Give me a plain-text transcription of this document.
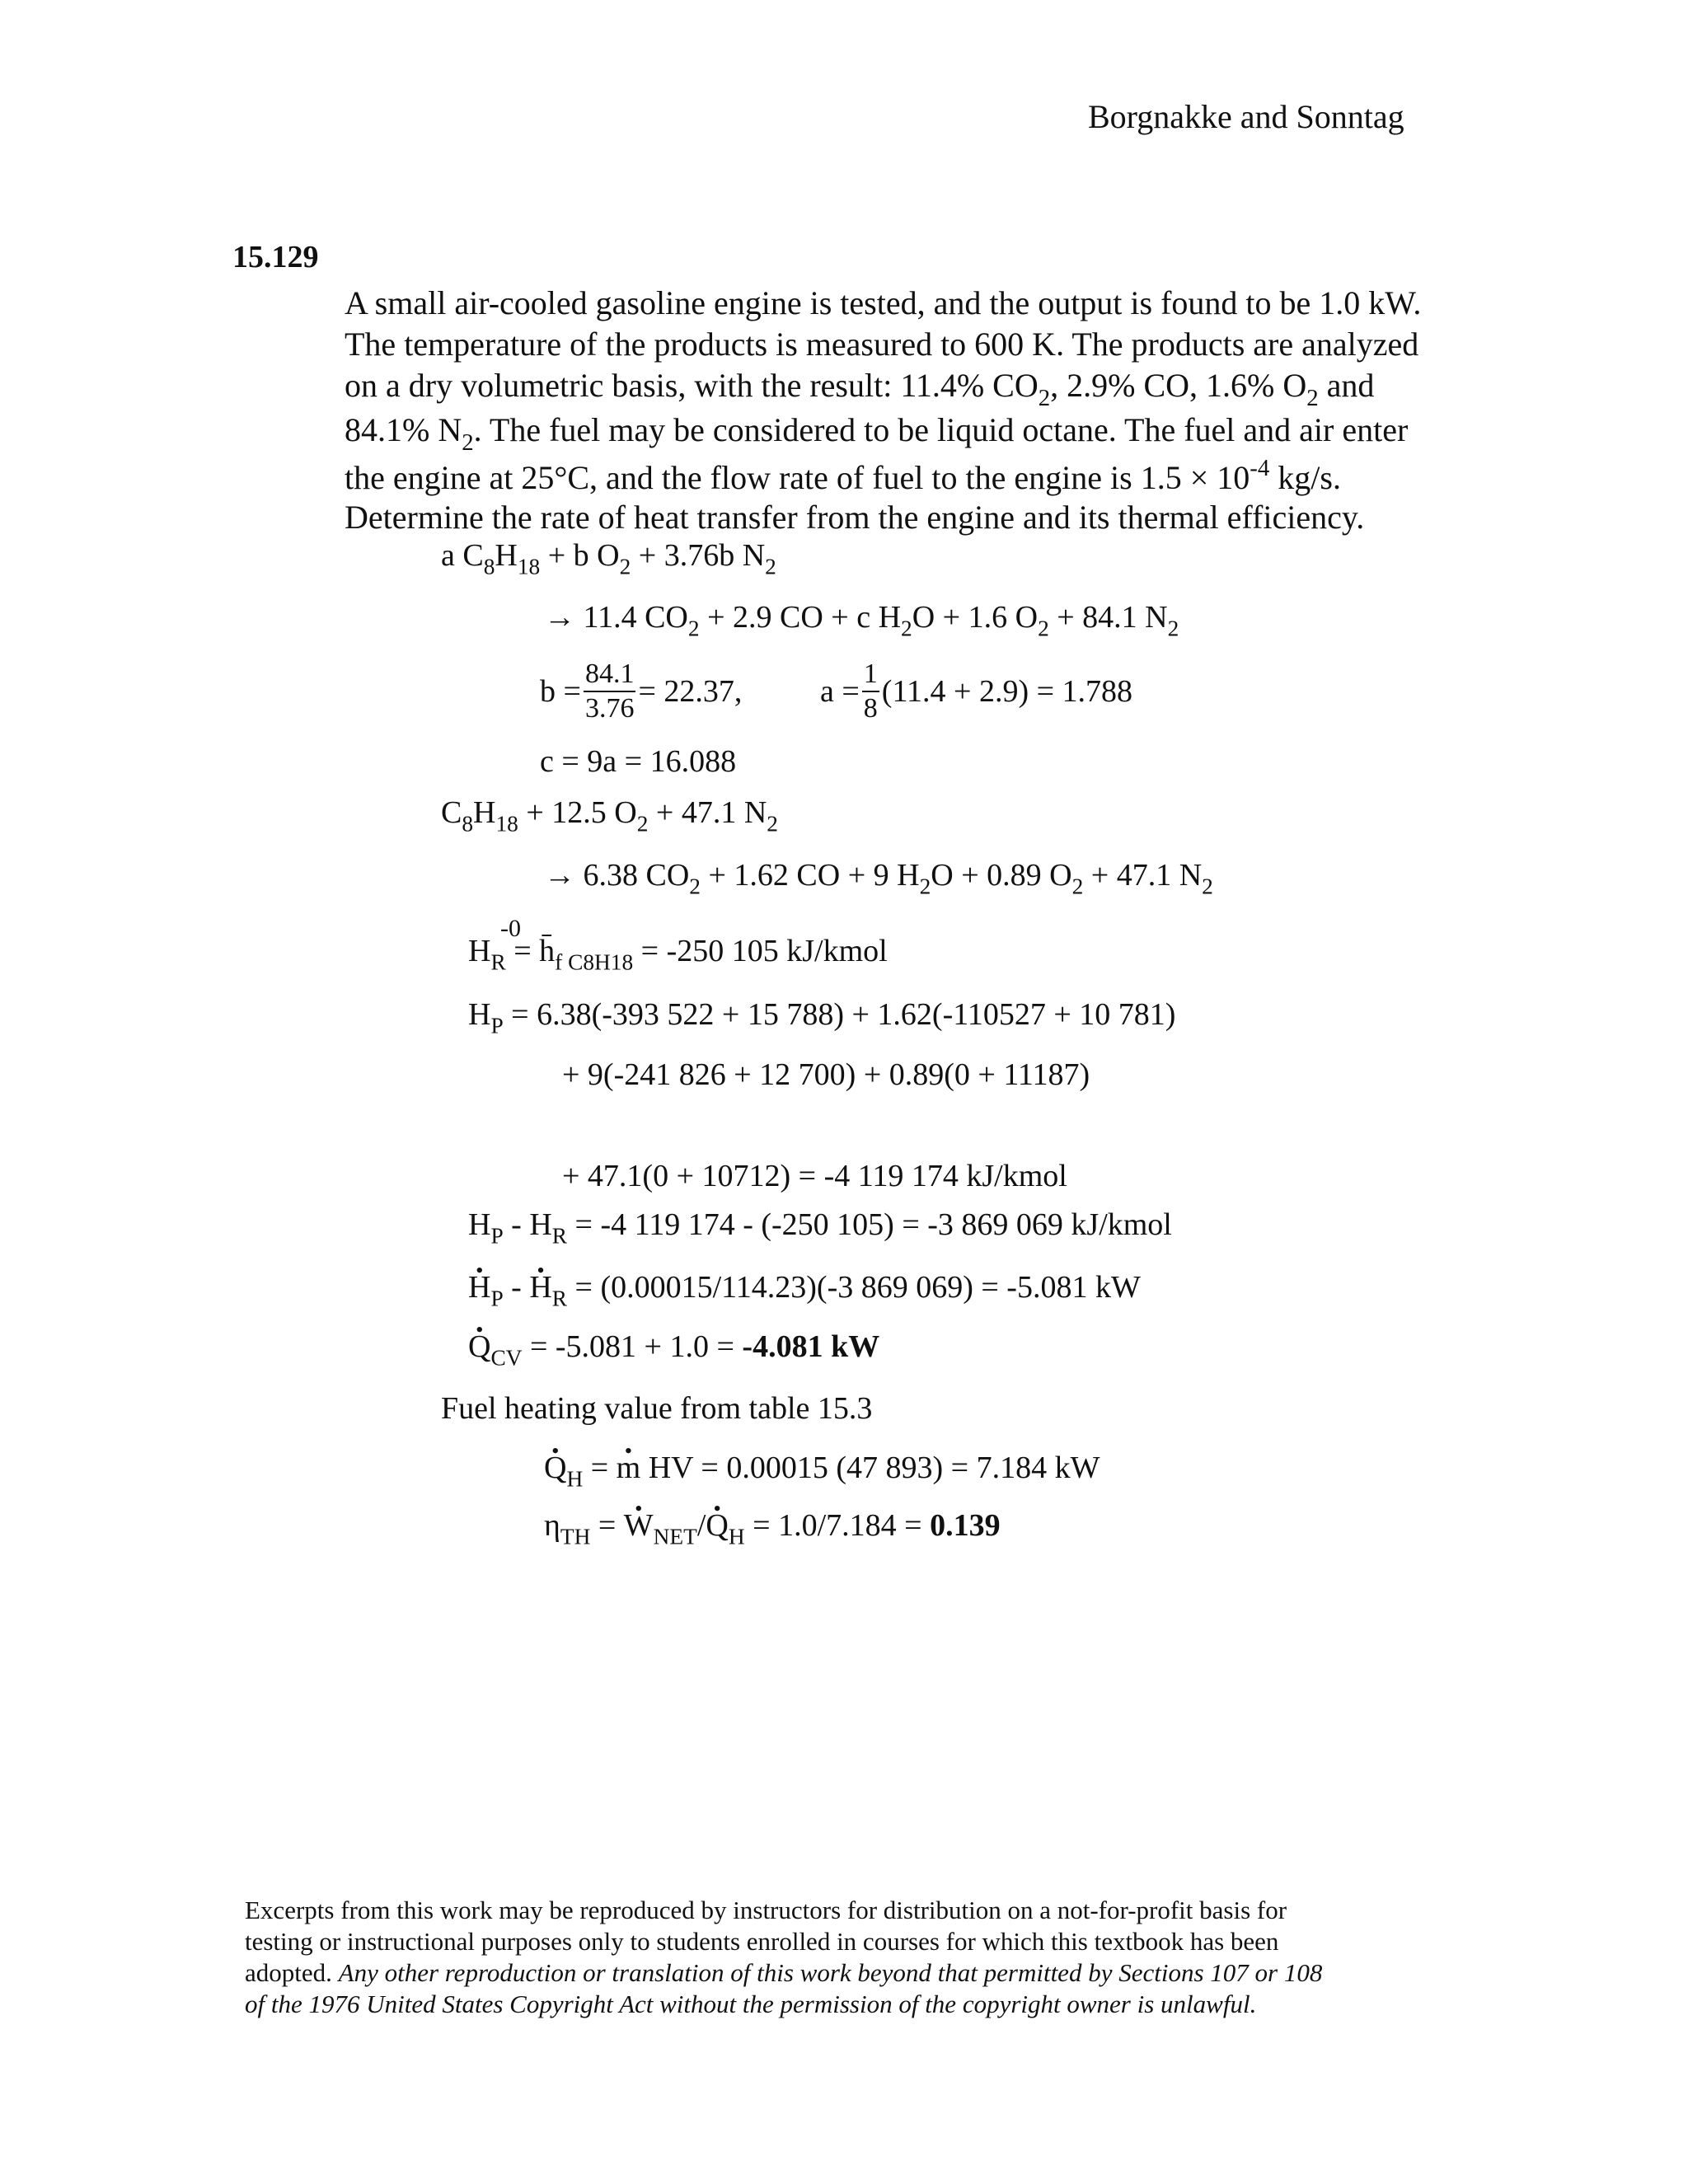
Borgnakke and Sonntag
15.129
A small air-cooled gasoline engine is tested, and the output is found to be 1.0 kW.
The temperature of the products is measured to 600 K. The products are analyzed
on a dry volumetric basis, with the result: 11.4% $CO_2$, 2.9% CO, 1.6% $O_2$ and
84.1% $N_2$. The fuel may be considered to be liquid octane. The fuel and air enter
the engine at 25°C, and the flow rate of fuel to the engine is $1.5 \times 10^{-4}$ kg/s.
Determine the rate of heat transfer from the engine and its thermal efficiency.
a $C_8H_{18} + b$ $O_2 + 3.76b$ $N_2$
→ 11.4 $CO_2 + 2.9$ CO + c $H_2O + 1.6$ $O_2 + 84.1$ $N_2$
$b = \frac{84.1}{3.76} = 22.37$, $a = \frac{1}{8} (11.4 + 2.9) = 1.788$
c = 9a = 16.088
$C_8H_{18} + 12.5$ $O_2 + 47.1$ $N_2$
→ 6.38 $CO_2 + 1.62$ CO + 9 $H_2O + 0.89$ $O_2 + 47.1$ $N_2$
-0
$H_R$ = $h̄_{f C8H18} = -250$ 105 kJ/kmol
$H_P = 6.38(-393$ 522 + 15 788) + 1.62(-110527 + 10 781)
+ 9(-241 826 + 12 700) + 0.89(0 + 11187)
+ 47.1(0 + 10712) = -4 119 174 kJ/kmol
$H_P - H_R = -4$ 119 174 - (-250 105) = -3 869 069 kJ/kmol
• $H_P$ - • $H_R = (0.00015/114.23)(-3$ 869 069) = -5.081 kW
• $Q_{CV} = -5.081 + 1.0 = -4.081$ kW
Fuel heating value from table 15.3
• $Q_H$ = • m HV = 0.00015 (47 893) = 7.184 kW
$\eta_{TH}$ = • $W_{NET}/•$ $Q_H = 1.0/7.184 = 0.139$
Excerpts from this work may be reproduced by instructors for distribution on a not-for-profit basis for
testing or instructional purposes only to students enrolled in courses for which this textbook has been
adopted. Any other reproduction or translation of this work beyond that permitted by Sections 107 or 108
of the 1976 United States Copyright Act without the permission of the copyright owner is unlawful.
